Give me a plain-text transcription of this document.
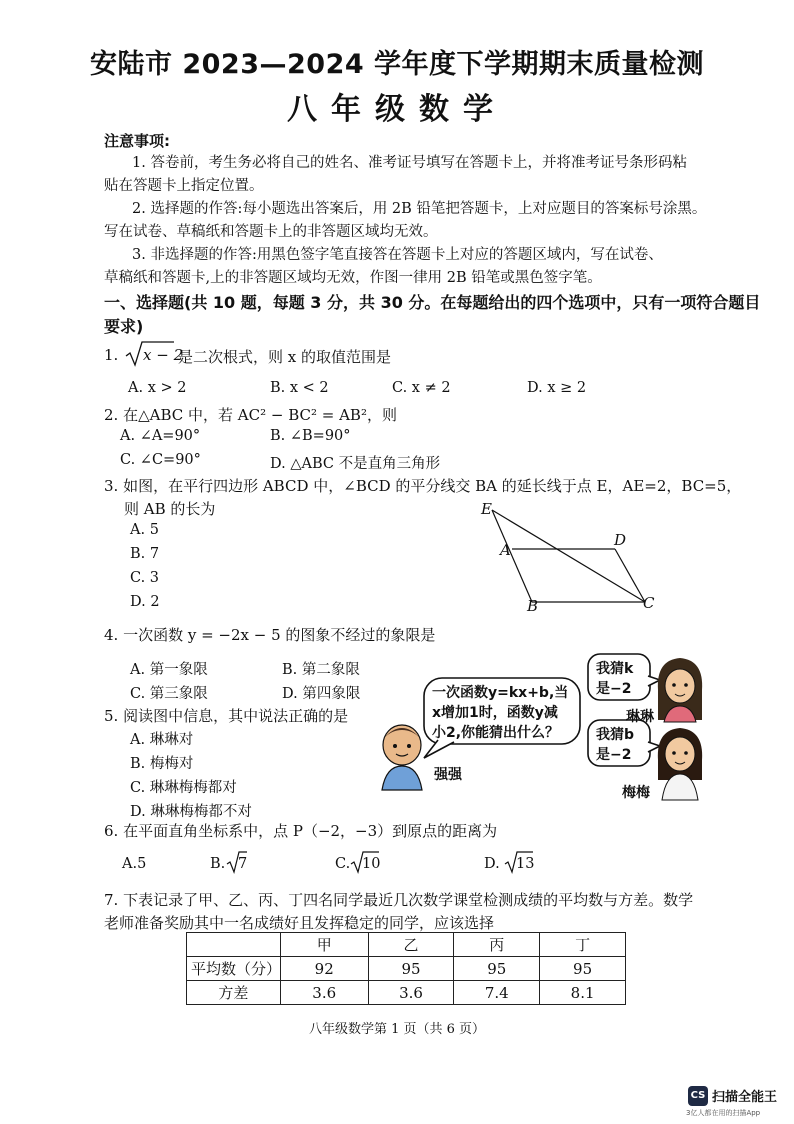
安陆市 2023—2024 学年度下学期期末质量检测
八年级数学
注意事项:
1. 答卷前，考生务必将自己的姓名、准考证号填写在答题卡上，并将准考证号条形码粘
贴在答题卡上指定位置。
2. 选择题的作答:每小题选出答案后，用 2B 铅笔把答题卡，上对应题目的答案标号涂黑。
写在试卷、草稿纸和答题卡上的非答题区域均无效。
3. 非选择题的作答:用黑色签字笔直接答在答题卡上对应的答题区域内，写在试卷、
草稿纸和答题卡,上的非答题区域均无效，作图一律用 2B 铅笔或黑色签字笔。
一、选择题(共 10 题，每题 3 分，共 30 分。在每题给出的四个选项中，只有一项符合题目
要求)
1. x − 2
是二次根式，则 x 的取值范围是
A. x > 2	B. x < 2	C. x ≠ 2	D. x ≥ 2
2. 在△ABC 中，若 AC² − BC² = AB²，则
A. ∠A=90°	B. ∠B=90°
C. ∠C=90°	D. △ABC 不是直角三角形
3. 如图，在平行四边形 ABCD 中，∠BCD 的平分线交 BA 的延长线于点 E，AE=2，BC=5，
则 AB 的长为
A. 5
B. 7
C. 3
D. 2
E
A
D
B	C
4. 一次函数 y = −2x − 5 的图象不经过的象限是
A. 第一象限	B. 第二象限
C. 第三象限	D. 第四象限
5. 阅读图中信息，其中说法正确的是
A. 琳琳对
B. 梅梅对
C. 琳琳梅梅都对
D. 琳琳梅梅都不对
一次函数y=kx+b,当
x增加1时，函数y减
小2,你能猜出什么？
我猜k
是−2
我猜b
是−2
琳琳
强强
梅梅
6. 在平面直角坐标系中，点 P（−2，−3）到原点的距离为
A.5	B. 7	C. 10	D. 13
7. 下表记录了甲、乙、丙、丁四名同学最近几次数学课堂检测成绩的平均数与方差。数学
老师准备奖励其中一名成绩好且发挥稳定的同学，应该选择
	甲	乙	丙	丁
平均数（分）	92	95	95	95
方差	3.6	3.6	7.4	8.1
八年级数学第 1 页（共 6 页）
CS 扫描全能王
3亿人都在用的扫描App
